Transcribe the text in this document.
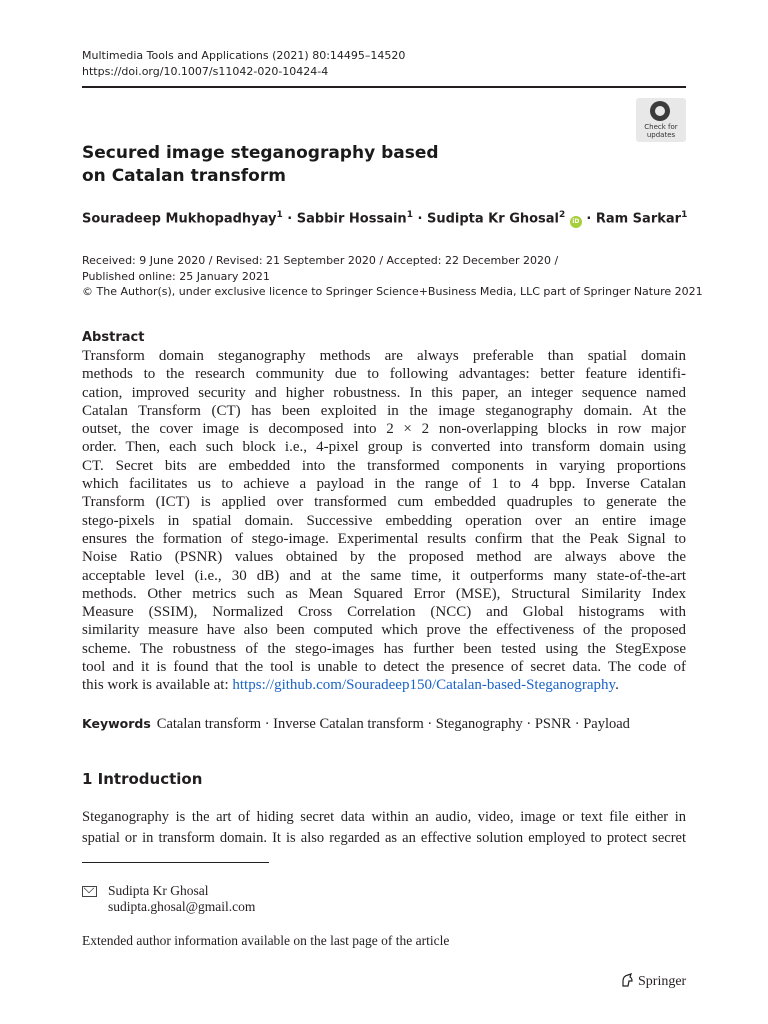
Multimedia Tools and Applications (2021) 80:14495–14520
https://doi.org/10.1007/s11042-020-10424-4
Check for
updates
Secured image steganography based
on Catalan transform
Souradeep Mukhopadhyay$^1$ · Sabbir Hossain$^1$ · Sudipta Kr Ghosal$^2$ iD · Ram Sarkar$^1$
Received: 9 June 2020 / Revised: 21 September 2020 / Accepted: 22 December 2020 /
Published online: 25 January 2021
© The Author(s), under exclusive licence to Springer Science+Business Media, LLC part of Springer Nature 2021
Abstract
Transform domain steganography methods are always preferable than spatial domain
methods to the research community due to following advantages: better feature identifi-
cation, improved security and higher robustness. In this paper, an integer sequence named
Catalan Transform (CT) has been exploited in the image steganography domain. At the
outset, the cover image is decomposed into 2 × 2 non-overlapping blocks in row major
order. Then, each such block i.e., 4-pixel group is converted into transform domain using
CT. Secret bits are embedded into the transformed components in varying proportions
which facilitates us to achieve a payload in the range of 1 to 4 bpp. Inverse Catalan
Transform (ICT) is applied over transformed cum embedded quadruples to generate the
stego-pixels in spatial domain. Successive embedding operation over an entire image
ensures the formation of stego-image. Experimental results confirm that the Peak Signal to
Noise Ratio (PSNR) values obtained by the proposed method are always above the
acceptable level (i.e., 30 dB) and at the same time, it outperforms many state-of-the-art
methods. Other metrics such as Mean Squared Error (MSE), Structural Similarity Index
Measure (SSIM), Normalized Cross Correlation (NCC) and Global histograms with
similarity measure have also been computed which prove the effectiveness of the proposed
scheme. The robustness of the stego-images has further been tested using the StegExpose
tool and it is found that the tool is unable to detect the presence of secret data. The code of
this work is available at: https://github.com/Souradeep150/Catalan-based-Steganography.
Keywords Catalan transform · Inverse Catalan transform · Steganography · PSNR · Payload
1 Introduction
Steganography is the art of hiding secret data within an audio, video, image or text file either in
spatial or in transform domain. It is also regarded as an effective solution employed to protect secret
Sudipta Kr Ghosal
sudipta.ghosal@gmail.com
Extended author information available on the last page of the article
Springer
